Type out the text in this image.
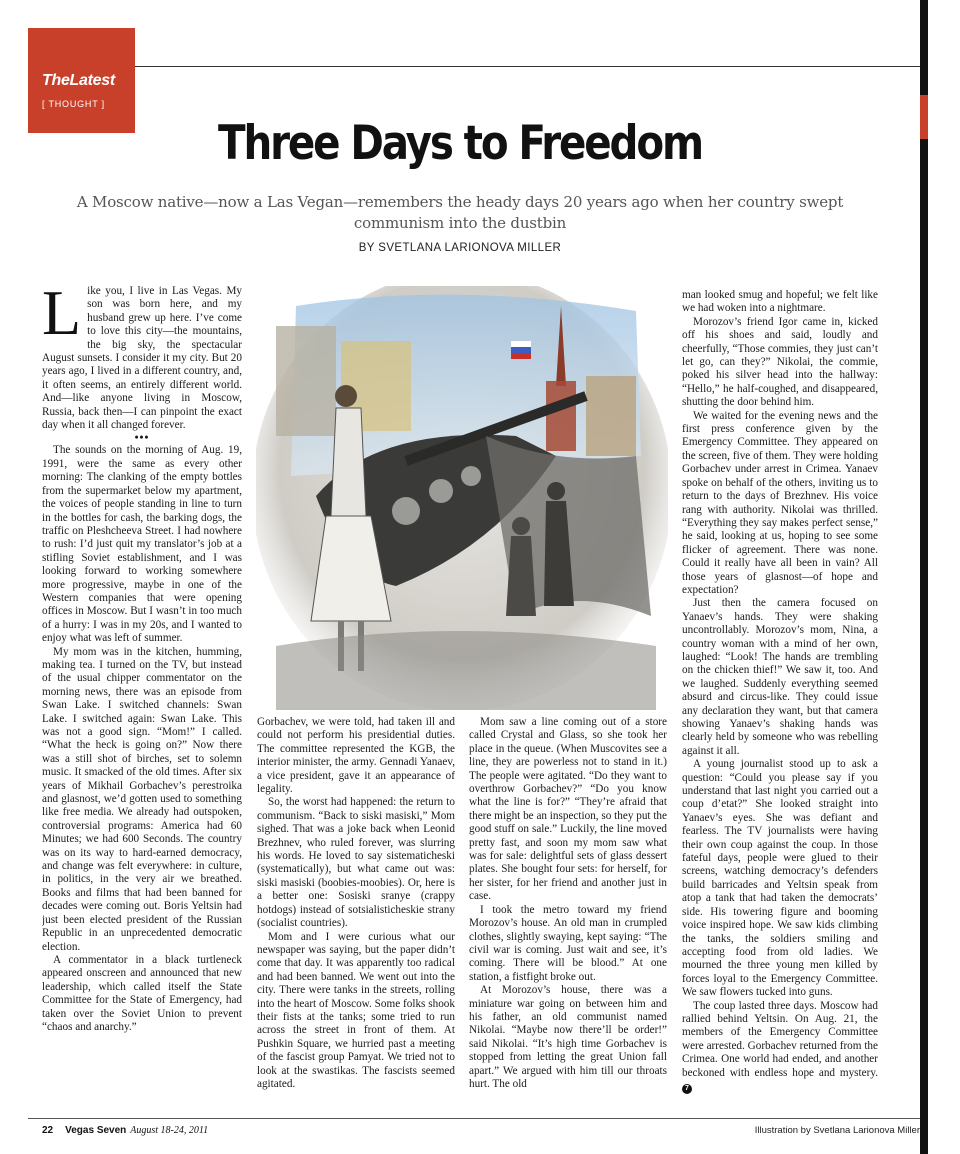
TheLatest
[ THOUGHT ]
Three Days to Freedom
A Moscow native—now a Las Vegan—remembers the heady days 20 years ago when her country swept communism into the dustbin
BY SVETLANA LARIONOVA MILLER

Like you, I live in Las Vegas. My son was born here, and my husband grew up here. I’ve come to love this city—the mountains, the big sky, the spectacular August sunsets. I consider it my city. But 20 years ago, I lived in a different country, and, it often seems, an entirely different world. And—like anyone living in Moscow, Russia, back then—I can pinpoint the exact day when it all changed forever.

•••

The sounds on the morning of Aug. 19, 1991, were the same as every other morning: The clanking of the empty bottles from the supermarket below my apartment, the voices of people standing in line to turn in the bottles for cash, the barking dogs, the traffic on Pleshcheeva Street. I had nowhere to rush: I’d just quit my translator’s job at a stifling Soviet establishment, and I was looking forward to working somewhere more progressive, maybe in one of the Western companies that were opening offices in Moscow. But I wasn’t in too much of a hurry: I was in my 20s, and I wanted to enjoy what was left of summer.

My mom was in the kitchen, humming, making tea. I turned on the TV, but instead of the usual chipper commentator on the morning news, there was an episode from Swan Lake. I switched channels: Swan Lake. I switched again: Swan Lake. This was not a good sign. “Mom!” I called. “What the heck is going on?” Now there was a still shot of birches, set to solemn music. It smacked of the old times. After six years of Mikhail Gorbachev’s perestroika and glasnost, we’d gotten used to something like free media. We already had outspoken, controversial programs: America had 60 Minutes; we had 600 Seconds. The country was on its way to hard-earned democracy, and change was felt everywhere: in culture, in politics, in the very air we breathed. Books and films that had been banned for decades were coming out. Boris Yeltsin had just been elected president of the Russian Republic in an unprecedented democratic election.

A commentator in a black turtleneck appeared onscreen and announced that new leadership, which called itself the State Committee for the State of Emergency, had taken over the Soviet Union to prevent “chaos and anarchy.”

Gorbachev, we were told, had taken ill and could not perform his presidential duties. The committee represented the KGB, the interior minister, the army. Gennadi Yanaev, a vice president, gave it an appearance of legality.

So, the worst had happened: the return to communism. “Back to siski masiski,” Mom sighed. That was a joke back when Leonid Brezhnev, who ruled forever, was slurring his words. He loved to say sistematicheski (systematically), but what came out was: siski masiski (boobies-moobies). Or, here is a better one: Sosiski sranye (crappy hotdogs) instead of sotsialisticheskie strany (socialist countries).

Mom and I were curious what our newspaper was saying, but the paper didn’t come that day. It was apparently too radical and had been banned. We went out into the city. There were tanks in the streets, rolling into the heart of Moscow. Some folks shook their fists at the tanks; some tried to run across the street in front of them. At Pushkin Square, we hurried past a meeting of the fascist group Pamyat. We tried not to look at the swastikas. The fascists seemed agitated.

Mom saw a line coming out of a store called Crystal and Glass, so she took her place in the queue. (When Muscovites see a line, they are powerless not to stand in it.) The people were agitated. “Do they want to overthrow Gorbachev?” “Do you know what the line is for?” “They’re afraid that there might be an inspection, so they put the good stuff on sale.” Luckily, the line moved pretty fast, and soon my mom saw what was for sale: delightful sets of glass dessert plates. She bought four sets: for herself, for her sister, for her friend and another just in case.

I took the metro toward my friend Morozov’s house. An old man in crumpled clothes, slightly swaying, kept saying: “The civil war is coming. Just wait and see, it’s coming. There will be blood.” At one station, a fistfight broke out.

At Morozov’s house, there was a miniature war going on between him and his father, an old communist named Nikolai. “Maybe now there’ll be order!” said Nikolai. “It’s high time Gorbachev is stopped from letting the great Union fall apart.” We argued with him till our throats hurt. The old

man looked smug and hopeful; we felt like we had woken into a nightmare.

Morozov’s friend Igor came in, kicked off his shoes and said, loudly and cheerfully, “Those commies, they just can’t let go, can they?” Nikolai, the commie, poked his silver head into the hallway: “Hello,” he half-coughed, and disappeared, shutting the door behind him.

We waited for the evening news and the first press conference given by the Emergency Committee. They appeared on the screen, five of them. They were holding Gorbachev under arrest in Crimea. Yanaev spoke on behalf of the others, inviting us to return to the days of Brezhnev. His voice rang with authority. Nikolai was thrilled. “Everything they say makes perfect sense,” he said, looking at us, hoping to see some flicker of agreement. There was none. Could it really have all been in vain? All those years of glasnost—of hope and expectation?

Just then the camera focused on Yanaev’s hands. They were shaking uncontrollably. Morozov’s mom, Nina, a country woman with a mind of her own, laughed: “Look! The hands are trembling on the chicken thief!” We saw it, too. And we laughed. Suddenly everything seemed absurd and circus-like. They could issue any declaration they want, but that camera showing Yanaev’s shaking hands was clearly held by someone who was rebelling against it all.

A young journalist stood up to ask a question: “Could you please say if you understand that last night you carried out a coup d’etat?” She looked straight into Yanaev’s eyes. She was defiant and fearless. The TV journalists were having their own coup against the coup. In those fateful days, people were glued to their screens, watching democracy’s defenders build barricades and Yeltsin speak from atop a tank that had taken the democrats’ side. His towering figure and booming voice inspired hope. We saw kids climbing the tanks, the soldiers smiling and accepting food from old ladies. We mourned the three young men killed by forces loyal to the Emergency Committee. We saw flowers tucked into guns.

The coup lasted three days. Moscow had rallied behind Yeltsin. On Aug. 21, the members of the Emergency Committee were arrested. Gorbachev returned from the Crimea. One world had ended, and another beckoned with endless hope and mystery. 7

22 Vegas Seven August 18-24, 2011	Illustration by Svetlana Larionova Miller
